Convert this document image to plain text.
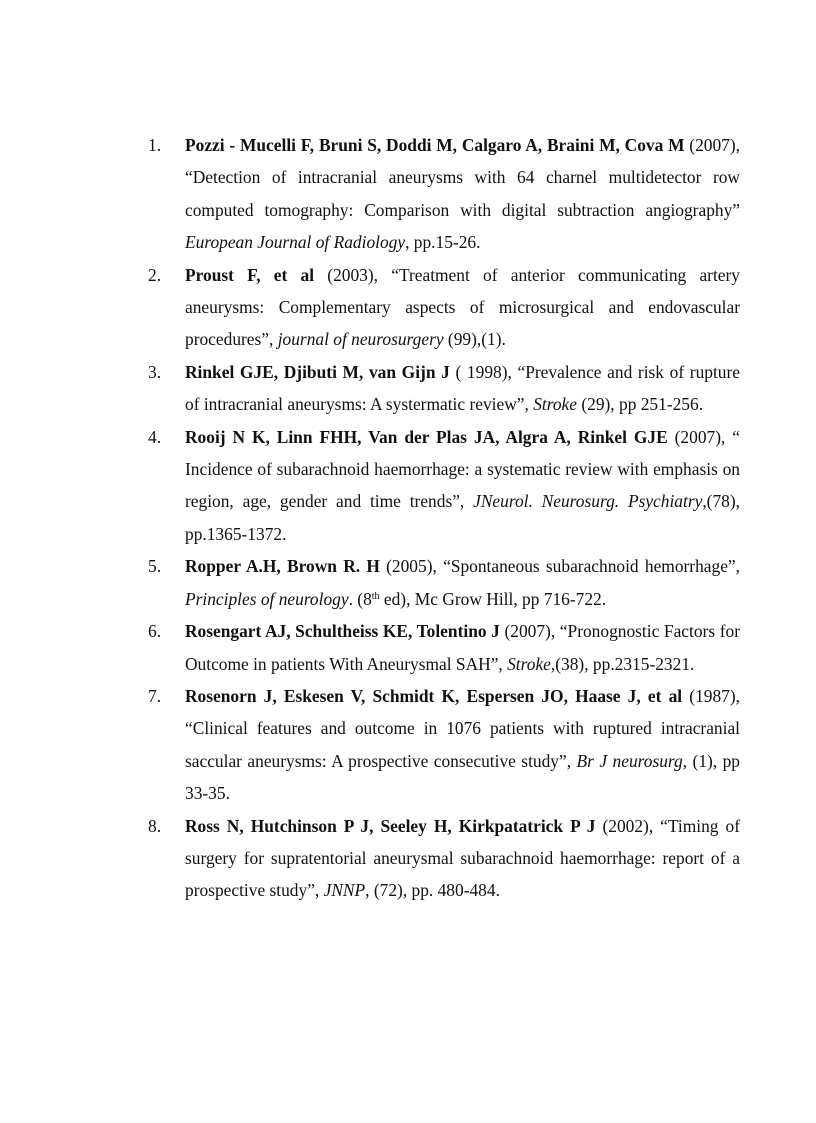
1. Pozzi - Mucelli F, Bruni S, Doddi M, Calgaro A, Braini M, Cova M (2007), “Detection of intracranial aneurysms with 64 charnel multidetector row computed tomography: Comparison with digital subtraction angiography” European Journal of Radiology, pp.15-26.
2. Proust F, et al (2003), “Treatment of anterior communicating artery aneurysms: Complementary aspects of microsurgical and endovascular procedures”, journal of neurosurgery (99),(1).
3. Rinkel GJE, Djibuti M, van Gijn J ( 1998), “Prevalence and risk of rupture of intracranial aneurysms: A systermatic review”, Stroke (29), pp 251-256.
4. Rooij N K, Linn FHH, Van der Plas JA, Algra A, Rinkel GJE (2007), “ Incidence of subarachnoid haemorrhage: a systematic review with emphasis on region, age, gender and time trends”, JNeurol. Neurosurg. Psychiatry,(78), pp.1365-1372.
5. Ropper A.H, Brown R. H (2005), “Spontaneous subarachnoid hemorrhage”, Principles of neurology. (8th ed), Mc Grow Hill, pp 716-722.
6. Rosengart AJ, Schultheiss KE, Tolentino J (2007), “Pronognostic Factors for Outcome in patients With Aneurysmal SAH”, Stroke,(38), pp.2315-2321.
7. Rosenorn J, Eskesen V, Schmidt K, Espersen JO, Haase J, et al (1987), “Clinical features and outcome in 1076 patients with ruptured intracranial saccular aneurysms: A prospective consecutive study”, Br J neurosurg, (1), pp 33-35.
8. Ross N, Hutchinson P J, Seeley H, Kirkpatatrick P J (2002), “Timing of surgery for supratentorial aneurysmal subarachnoid haemorrhage: report of a prospective study”, JNNP, (72), pp. 480-484.
